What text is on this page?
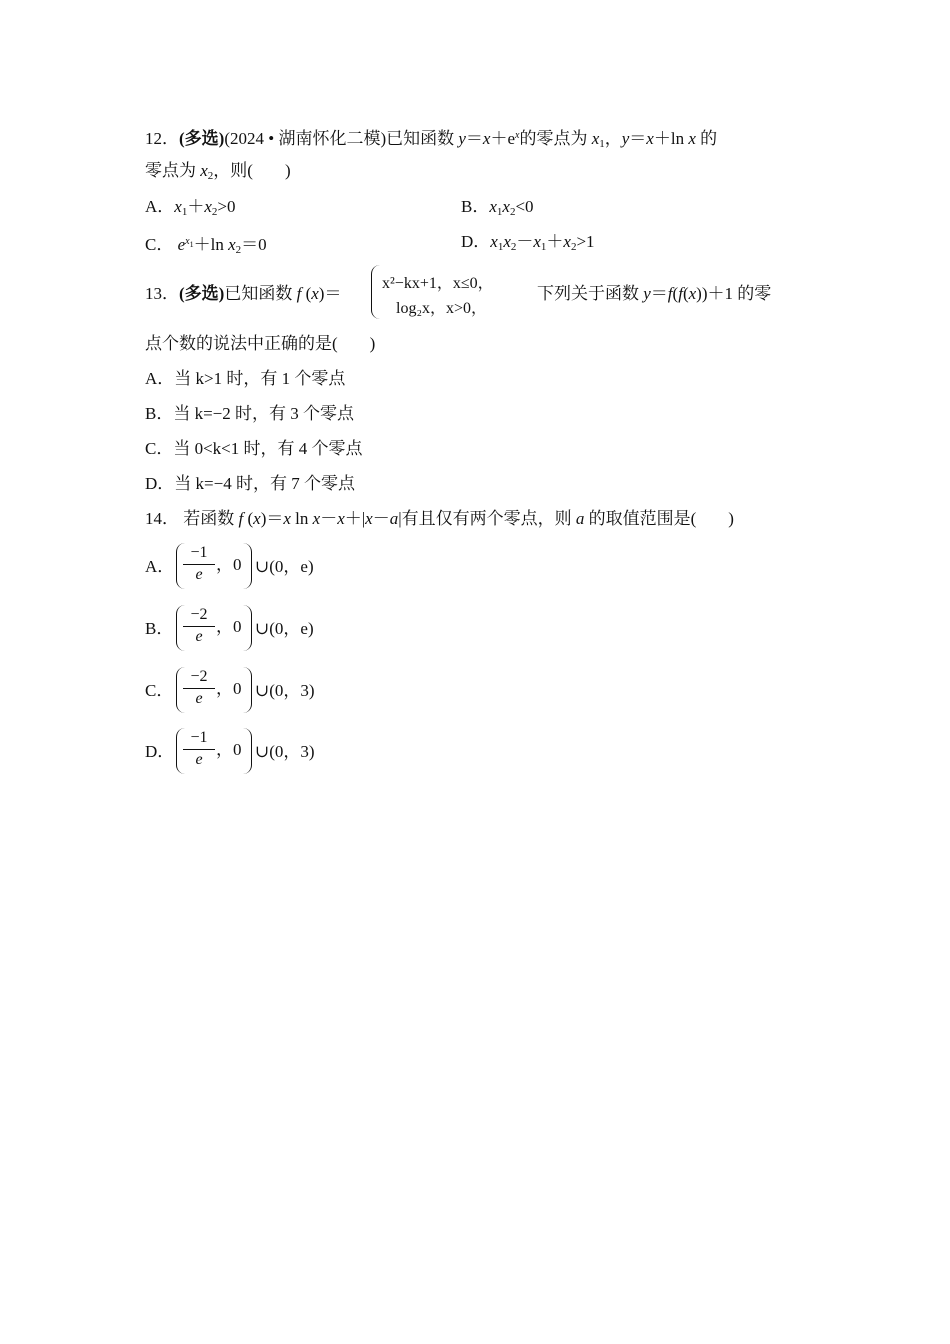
12．(多选)(2024 • 湖南怀化二模)已知函数 $y=x+e^x$的零点为 $x_1$，y＝x＋ln x 的
零点为 $x_2$，则( )
A．$x_1+x_2>0$	B．$x_1x_2<0$
C． $e^{x_1}+\ln$ $x_2=0$	D．$x_1x_2-x_1+x_2>1$
13．(多选)已知函数 f (x)＝
x²−kx+1，x≤0，
log₂x，x>0，
下列关于函数 y＝f(f(x))＋1 的零
点个数的说法中正确的是( )
A．当 k>1 时，有 1 个零点
B．当 k=−2 时，有 3 个零点
C．当 0<k<1 时，有 4 个零点
D．当 k=−4 时，有 7 个零点
14． 若函数 f (x)＝x ln x－x＋|x－a|有且仅有两个零点，则 a 的取值范围是( )
A． $\frac{-1}{e}$ ，0 ∪(0，e)
B． $\frac{-2}{e}$ ，0 ∪(0，e)
C． $\frac{-2}{e}$ ，0 ∪(0，3)
D． $\frac{-1}{e}$ ，0 ∪(0，3)
